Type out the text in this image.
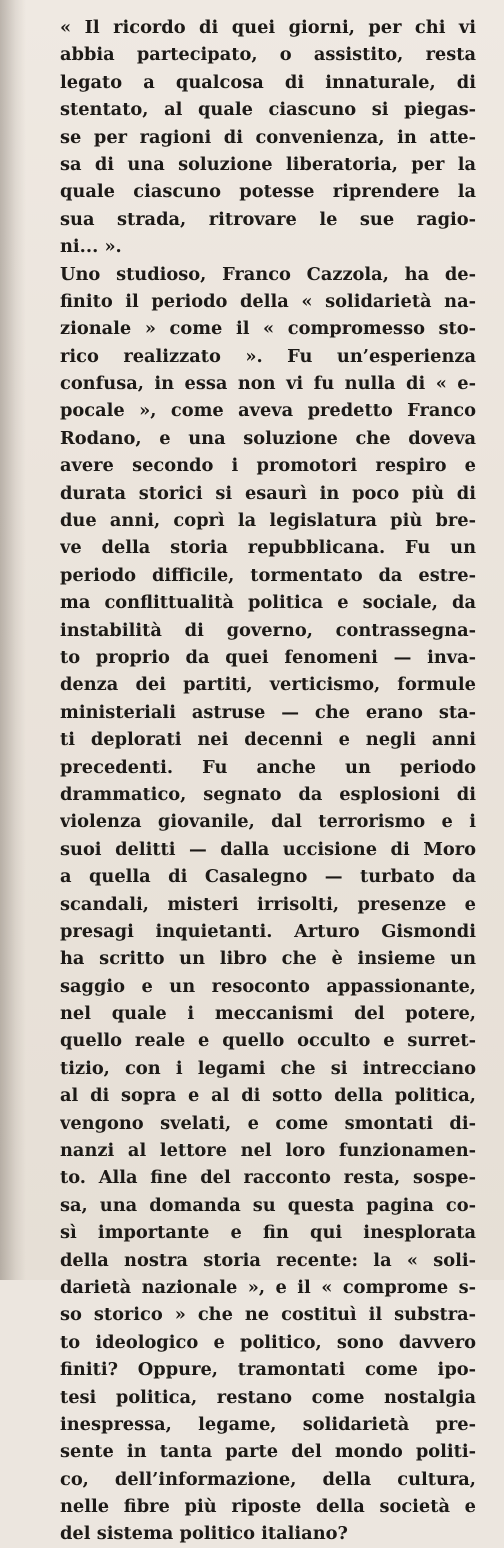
« Il ricordo di quei giorni, per chi vi
abbia partecipato, o assistito, resta
legato a qualcosa di innaturale, di
stentato, al quale ciascuno si piegas-
se per ragioni di convenienza, in atte-
sa di una soluzione liberatoria, per la
quale ciascuno potesse riprendere la
sua strada, ritrovare le sue ragio-
ni... ».
Uno studioso, Franco Cazzola, ha de-
finito il periodo della « solidarietà na-
zionale » come il « compromesso sto-
rico realizzato ». Fu un’esperienza
confusa, in essa non vi fu nulla di « e-
pocale », come aveva predetto Franco
Rodano, e una soluzione che doveva
avere secondo i promotori respiro e
durata storici si esaurì in poco più di
due anni, coprì la legislatura più bre-
ve della storia repubblicana. Fu un
periodo difficile, tormentato da estre-
ma conflittualità politica e sociale, da
instabilità di governo, contrassegna-
to proprio da quei fenomeni — inva-
denza dei partiti, verticismo, formule
ministeriali astruse — che erano sta-
ti deplorati nei decenni e negli anni
precedenti. Fu anche un periodo
drammatico, segnato da esplosioni di
violenza giovanile, dal terrorismo e i
suoi delitti — dalla uccisione di Moro
a quella di Casalegno — turbato da
scandali, misteri irrisolti, presenze e
presagi inquietanti. Arturo Gismondi
ha scritto un libro che è insieme un
saggio e un resoconto appassionante,
nel quale i meccanismi del potere,
quello reale e quello occulto e surret-
tizio, con i legami che si intrecciano
al di sopra e al di sotto della politica,
vengono svelati, e come smontati di-
nanzi al lettore nel loro funzionamen-
to. Alla fine del racconto resta, sospe-
sa, una domanda su questa pagina co-
sì importante e fin qui inesplorata
della nostra storia recente: la « soli-
darietà nazionale », e il « comprome s-
so storico » che ne costituì il substra-
to ideologico e politico, sono davvero
finiti? Oppure, tramontati come ipo-
tesi politica, restano come nostalgia
inespressa, legame, solidarietà pre-
sente in tanta parte del mondo politi-
co, dell’informazione, della cultura,
nelle fibre più riposte della società e
del sistema politico italiano?
